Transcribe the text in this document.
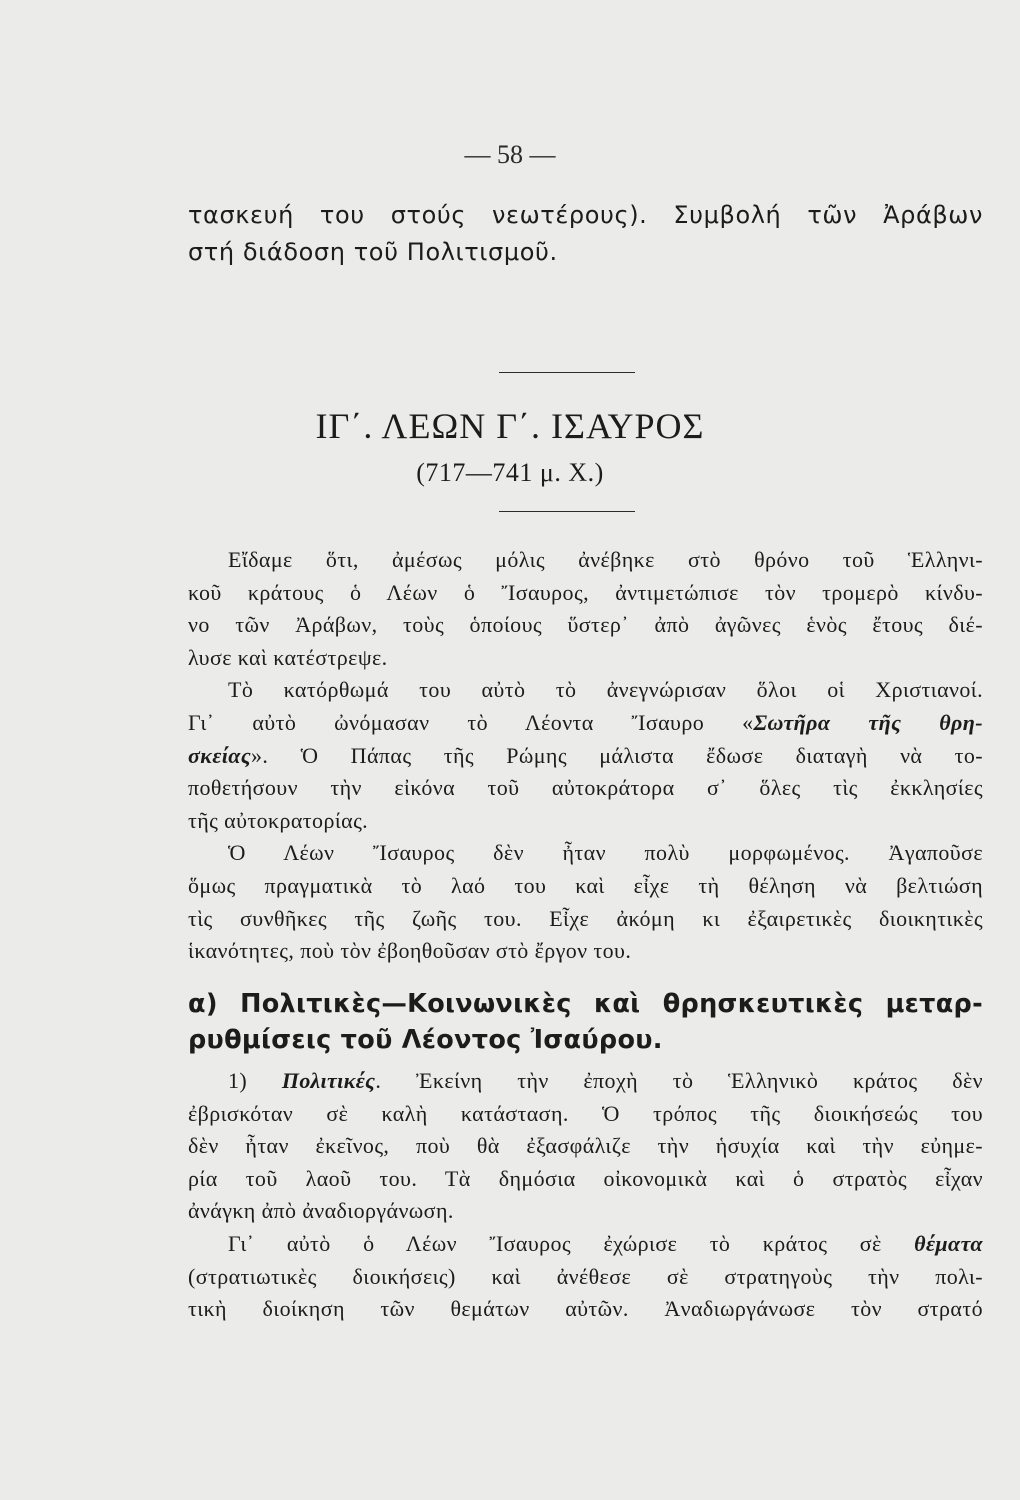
— 58 —
τασκευή του στούς νεωτέρους). Συμβολή τῶν Ἀράβων
στή διάδοση τοῦ Πολιτισμοῦ.
ΙΓ΄. ΛΕΩΝ Γ΄. ΙΣΑΥΡΟΣ
(717—741 μ. Χ.)
Εἴδαμε ὅτι, ἀμέσως μόλις ἀνέβηκε στὸ θρόνο τοῦ Ἑλληνι-
κοῦ κράτους ὁ Λέων ὁ Ἴσαυρος, ἀντιμετώπισε τὸν τρομερὸ κίνδυ-
νο τῶν Ἀράβων, τοὺς ὁποίους ὕστερ᾽ ἀπὸ ἀγῶνες ἑνὸς ἔτους διέ-
λυσε καὶ κατέστρεψε.
Τὸ κατόρθωμά του αὐτὸ τὸ ἀνεγνώρισαν ὅλοι οἱ Χριστιανοί.
Γι᾽ αὐτὸ ὠνόμασαν τὸ Λέοντα Ἴσαυρο «Σωτῆρα τῆς θρη-
σκείας». Ὁ Πάπας τῆς Ρώμης μάλιστα ἔδωσε διαταγὴ νὰ το-
ποθετήσουν τὴν εἰκόνα τοῦ αὐτοκράτορα σ᾽ ὅλες τὶς ἐκκλησίες
τῆς αὐτοκρατορίας.
Ὁ Λέων Ἴσαυρος δὲν ἦταν πολὺ μορφωμένος. Ἀγαποῦσε
ὅμως πραγματικὰ τὸ λαό του καὶ εἶχε τὴ θέληση νὰ βελτιώση
τὶς συνθῆκες τῆς ζωῆς του. Εἶχε ἀκόμη κι ἐξαιρετικὲς διοικητικὲς
ἱκανότητες, ποὺ τὸν ἐβοηθοῦσαν στὸ ἔργον του.
α) Πολιτικὲς—Κοινωνικὲς καὶ θρησκευτικὲς μεταρ-
ρυθμίσεις τοῦ Λέοντος Ἰσαύρου.
1) Πολιτικές. Ἐκείνη τὴν ἐποχὴ τὸ Ἑλληνικὸ κράτος δὲν
ἐβρισκόταν σὲ καλὴ κατάσταση. Ὁ τρόπος τῆς διοικήσεώς του
δὲν ἦταν ἐκεῖνος, ποὺ θὰ ἐξασφάλιζε τὴν ἡσυχία καὶ τὴν εὐημε-
ρία τοῦ λαοῦ του. Τὰ δημόσια οἰκονομικὰ καὶ ὁ στρατὸς εἶχαν
ἀνάγκη ἀπὸ ἀναδιοργάνωση.
Γι᾽ αὐτὸ ὁ Λέων Ἴσαυρος ἐχώρισε τὸ κράτος σὲ θέματα
(στρατιωτικὲς διοικήσεις) καὶ ἀνέθεσε σὲ στρατηγοὺς τὴν πολι-
τικὴ διοίκηση τῶν θεμάτων αὐτῶν. Ἀναδιωργάνωσε τὸν στρατό
